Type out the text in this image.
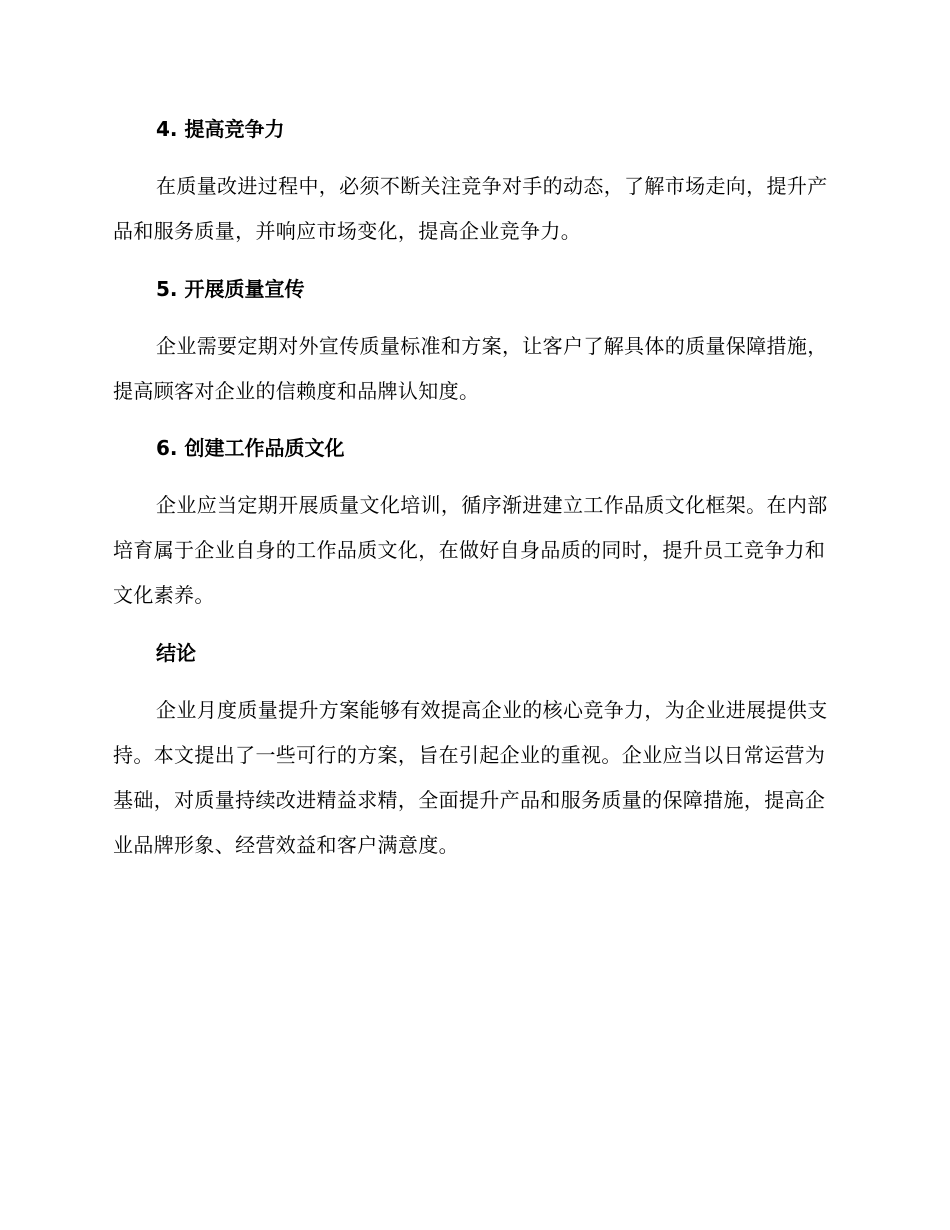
4. 提高竞争力
在质量改进过程中，必须不断关注竞争对手的动态，了解市场走向，提升产品和服务质量，并响应市场变化，提高企业竞争力。
5. 开展质量宣传
企业需要定期对外宣传质量标准和方案，让客户了解具体的质量保障措施，提高顾客对企业的信赖度和品牌认知度。
6. 创建工作品质文化
企业应当定期开展质量文化培训，循序渐进建立工作品质文化框架。在内部培育属于企业自身的工作品质文化，在做好自身品质的同时，提升员工竞争力和文化素养。
结论
企业月度质量提升方案能够有效提高企业的核心竞争力，为企业进展提供支持。本文提出了一些可行的方案，旨在引起企业的重视。企业应当以日常运营为基础，对质量持续改进精益求精，全面提升产品和服务质量的保障措施，提高企业品牌形象、经营效益和客户满意度。
